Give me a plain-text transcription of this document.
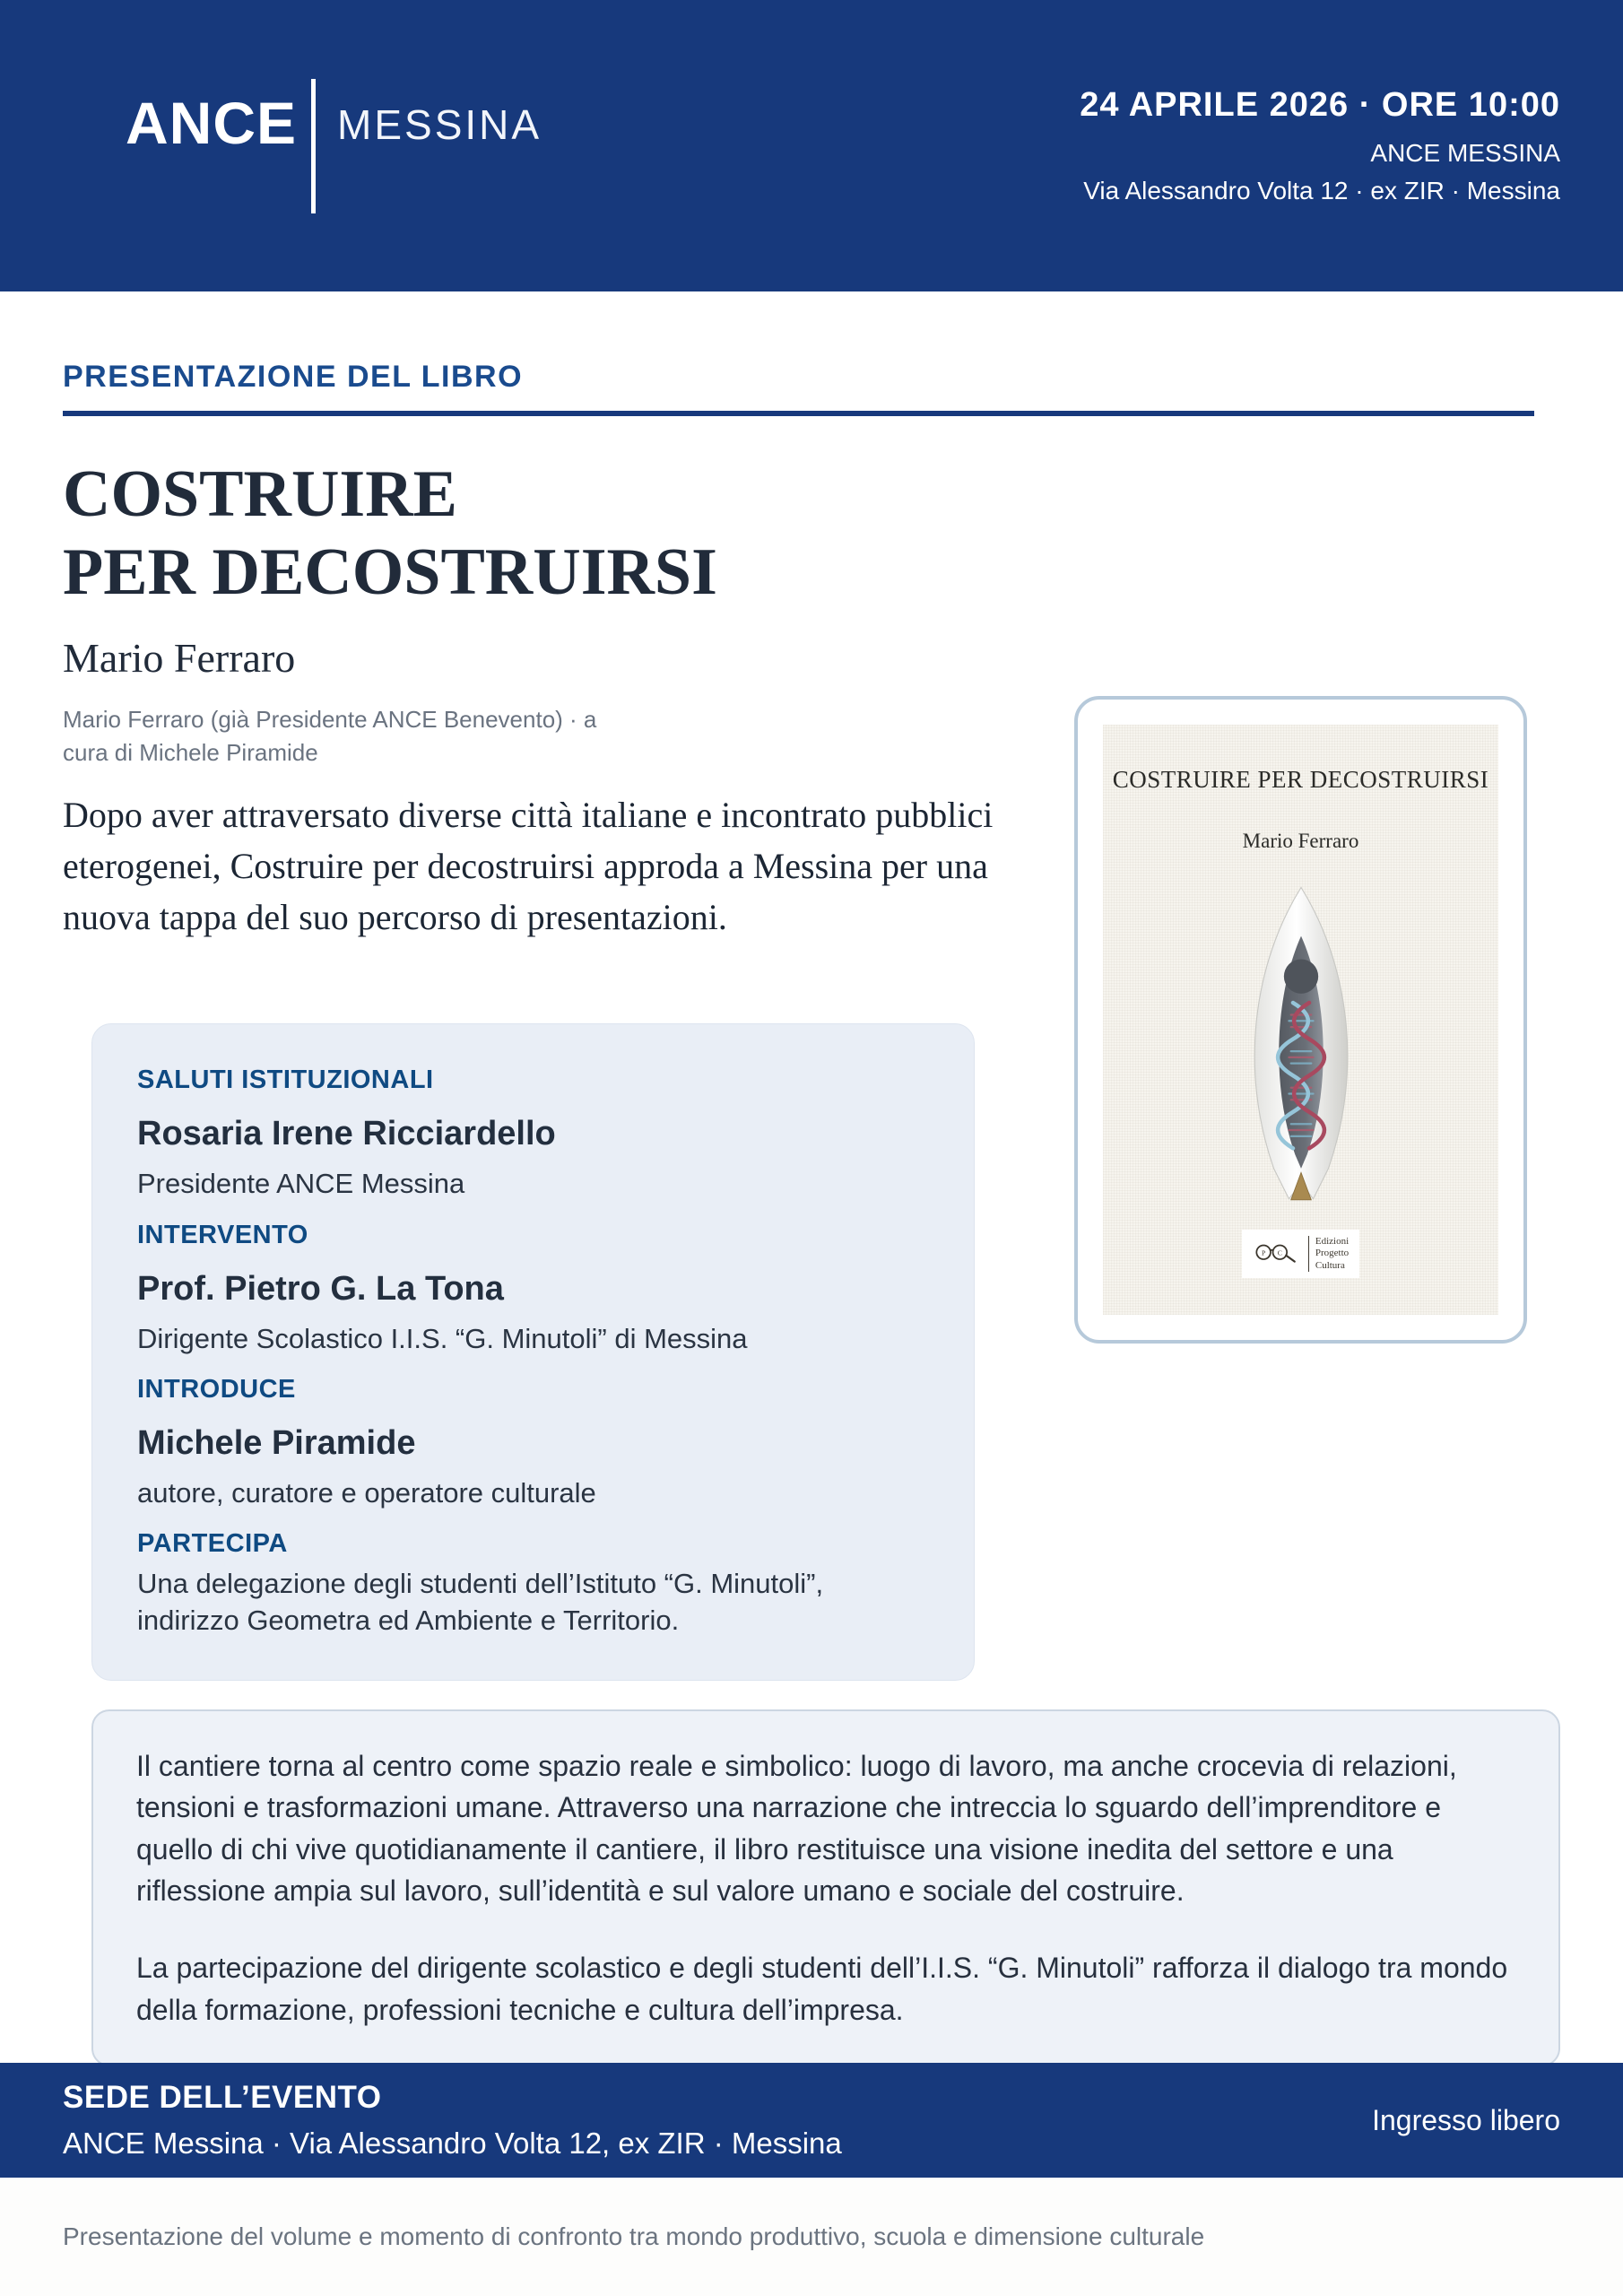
ANCE MESSINA	24 APRILE 2026 · ORE 10:00
ANCE MESSINA
Via Alessandro Volta 12 · ex ZIR · Messina
PRESENTAZIONE DEL LIBRO
COSTRUIRE
PER DECOSTRUIRSI
Mario Ferraro

Mario Ferraro (già Presidente ANCE Benevento) · a cura di Michele Piramide

Dopo aver attraversato diverse città italiane e incontrato pubblici eterogenei, Costruire per decostruirsi approda a Messina per una nuova tappa del suo percorso di presentazioni.

SALUTI ISTITUZIONALI
Rosaria Irene Ricciardello
Presidente ANCE Messina
INTERVENTO
Prof. Pietro G. La Tona
Dirigente Scolastico I.I.S. “G. Minutoli” di Messina
INTRODUCE
Michele Piramide
autore, curatore e operatore culturale
PARTECIPA
Una delegazione degli studenti dell’Istituto “G. Minutoli”, indirizzo Geometra ed Ambiente e Territorio.
COSTRUIRE PER DECOSTRUIRSI
Mario Ferraro
P C
Edizioni
Progetto
Cultura

Il cantiere torna al centro come spazio reale e simbolico: luogo di lavoro, ma anche crocevia di relazioni, tensioni e trasformazioni umane. Attraverso una narrazione che intreccia lo sguardo dell’imprenditore e quello di chi vive quotidianamente il cantiere, il libro restituisce una visione inedita del settore e una riflessione ampia sul lavoro, sull’identità e sul valore umano e sociale del costruire.

La partecipazione del dirigente scolastico e degli studenti dell’I.I.S. “G. Minutoli” rafforza il dialogo tra mondo della formazione, professioni tecniche e cultura dell’impresa.

SEDE DELL’EVENTO
ANCE Messina · Via Alessandro Volta 12, ex ZIR · Messina
Ingresso libero
Presentazione del volume e momento di confronto tra mondo produttivo, scuola e dimensione culturale
